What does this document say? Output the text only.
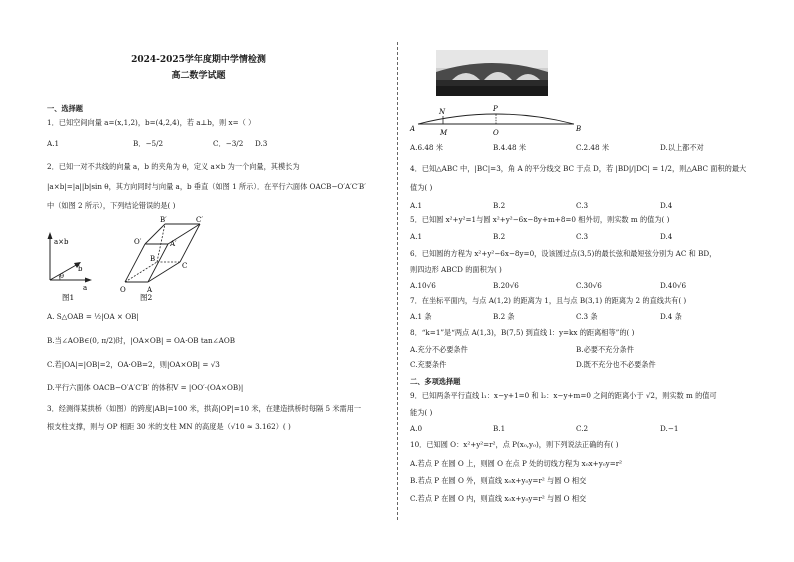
2024-2025学年度期中学情检测
高二数学试题
一、选择题
1．已知空间向量 a=(x,1,2)，b=(4,2,4)，若 a⊥b，则 x=（ ）
A.1	B．−5/2	C．−3/2 D.3
2．已知一对不共线的向量 a，b 的夹角为 θ，定义 a×b 为一个向量，其模长为
|a×b|=|a||b|sin θ，其方向同时与向量 a，b 垂直（如图 1 所示）．在平行六面体 OACB−O′A′C′B′
中（如图 2 所示），下列结论错误的是( )
a×b
b
θ
a
图1
O	A
B
C
O′	A′
B′	C′
图2
A. S△OAB = ½|OA × OB|
B.当∠AOB∈(0, π/2)时，|OA×OB| = OA·OB tan∠AOB
C.若|OA|=|OB|=2，OA·OB=2，则|OA×OB| = √3
D.平行六面体 OACB−O′A′C′B′ 的体积V = |OO′·(OA×OB)|
3．经测得某拱桥（如图）的跨度|AB|=100 米，拱高|OP|=10 米，在建造拱桥时每隔 5 米需用一
根支柱支撑，则与 OP 相距 30 米的支柱 MN 的高度是（√10 ≈ 3.162）( )
A	B
N	P
M	O
A.6.48 米	B.4.48 米	C.2.48 米	D.以上都不对
4．已知△ABC 中，|BC|=3，角 A 的平分线交 BC 于点 D，若 |BD|/|DC| = 1/2，则△ABC 面积的最大
值为( )
A.1	B.2	C.3	D.4
5．已知圆 x²+y²=1与圆 x²+y²−6x−8y+m+8=0 相外切，则实数 m 的值为( )
A.1	B.2	C.3	D.4
6．已知圆的方程为 x²+y²−6x−8y=0，设该圆过点(3,5)的最长弦和最短弦分别为 AC 和 BD，
则四边形 ABCD 的面积为( )
A.10√6	B.20√6	C.30√6	D.40√6
7．在坐标平面内，与点 A(1,2) 的距离为 1，且与点 B(3,1) 的距离为 2 的直线共有( )
A.1 条	B.2 条	C.3 条	D.4 条
8．“k=1”是“两点 A(1,3)，B(7,5) 到直线 l：y=kx 的距离相等”的( )
A.充分不必要条件	B.必要不充分条件
C.充要条件	D.既不充分也不必要条件
二、多项选择题
9．已知两条平行直线 l₁：x−y+1=0 和 l₂：x−y+m=0 之间的距离小于 √2，则实数 m 的值可
能为( )
A.0	B.1	C.2	D.−1
10．已知圆 O：x²+y²=r²，点 P(x₀,y₀)，则下列说法正确的有( )
A.若点 P 在圆 O 上，则圆 O 在点 P 处的切线方程为 x₀x+y₀y=r²
B.若点 P 在圆 O 外，则直线 x₀x+y₀y=r² 与圆 O 相交
C.若点 P 在圆 O 内，则直线 x₀x+y₀y=r² 与圆 O 相交
